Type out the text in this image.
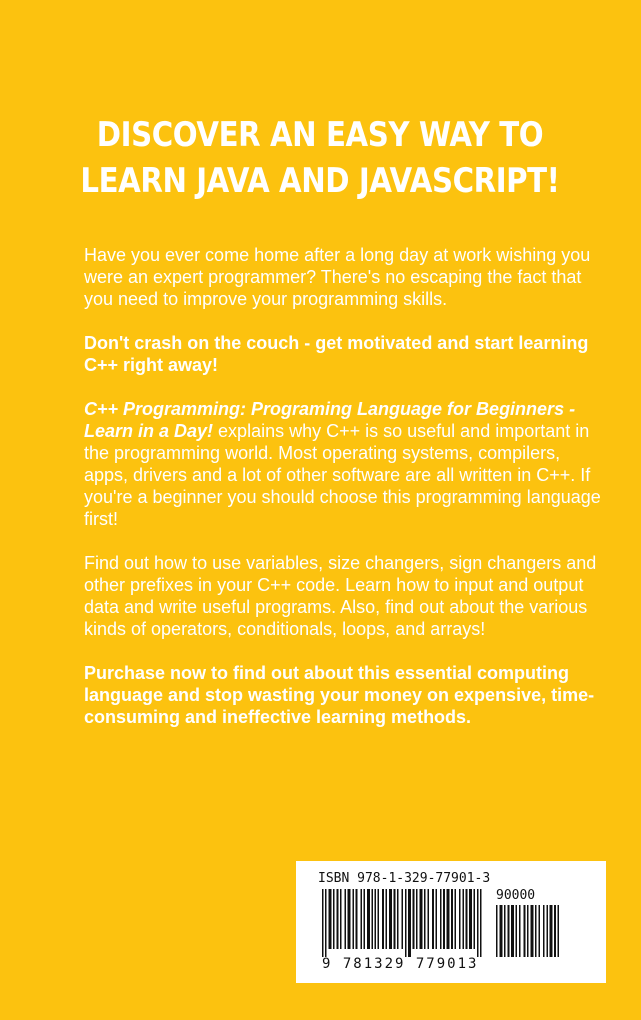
DISCOVER AN EASY WAY TO
LEARN JAVA AND JAVASCRIPT!

Have you ever come home after a long day at work wishing you were an expert programmer? There's no escaping the fact that you need to improve your programming skills.

Don't crash on the couch - get motivated and start learning C++ right away!

C++ Programming: Programing Language for Beginners - Learn in a Day! explains why C++ is so useful and important in the programming world. Most operating systems, compilers, apps, drivers and a lot of other software are all written in C++. If you're a beginner you should choose this programming language first!

Find out how to use variables, size changers, sign changers and other prefixes in your C++ code. Learn how to input and output data and write useful programs. Also, find out about the various kinds of operators, conditionals, loops, and arrays!

Purchase now to find out about this essential computing language and stop wasting your money on expensive, time-consuming and ineffective learning methods.

ISBN 978-1-329-77901-3
90000
9 781329 779013
